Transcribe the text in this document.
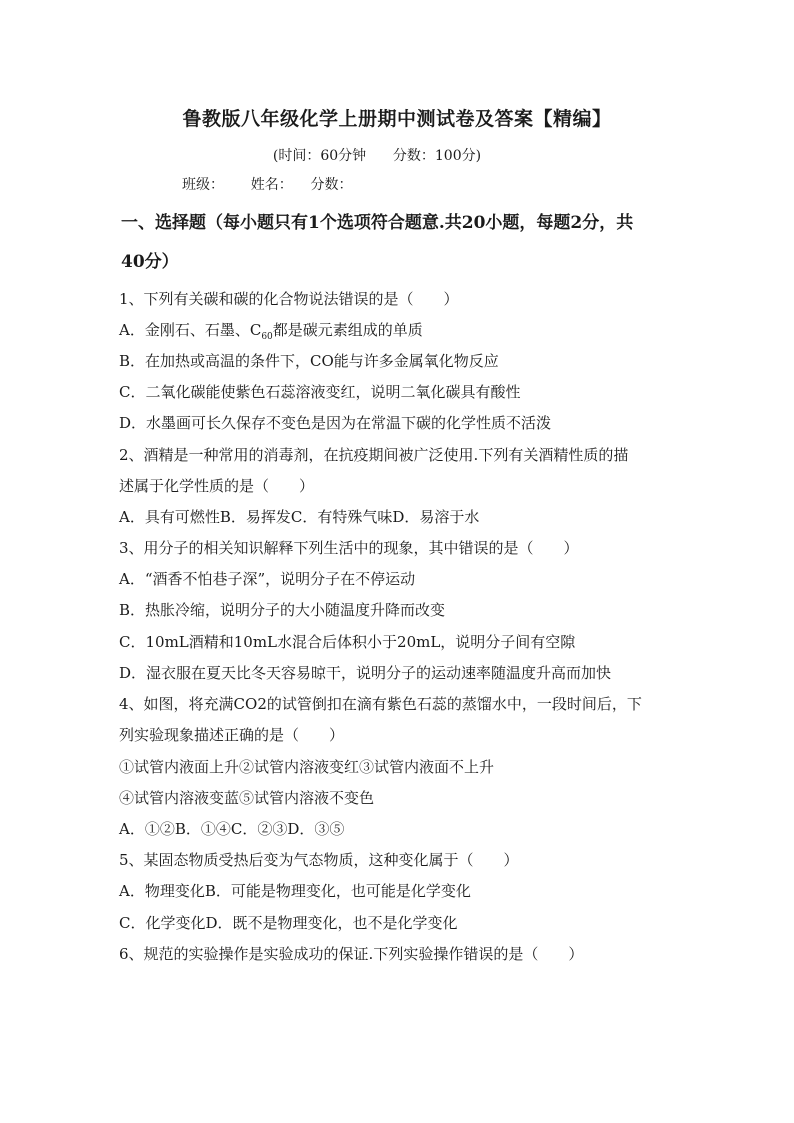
鲁教版八年级化学上册期中测试卷及答案【精编】
(时间：60分钟      分数：100分)
班级：      姓名：    分数：
一、选择题（每小题只有1个选项符合题意.共20小题，每题2分，共
40分）
1、下列有关碳和碳的化合物说法错误的是（　　）
A．金刚石、石墨、$C_{60}$都是碳元素组成的单质
B．在加热或高温的条件下，CO能与许多金属氧化物反应
C．二氧化碳能使紫色石蕊溶液变红，说明二氧化碳具有酸性
D．水墨画可长久保存不变色是因为在常温下碳的化学性质不活泼
2、酒精是一种常用的消毒剂，在抗疫期间被广泛使用.下列有关酒精性质的描
述属于化学性质的是（　　）
A．具有可燃性B．易挥发C．有特殊气味D．易溶于水
3、用分子的相关知识解释下列生活中的现象，其中错误的是（　　）
A．“酒香不怕巷子深”，说明分子在不停运动
B．热胀冷缩，说明分子的大小随温度升降而改变
C．10mL酒精和10mL水混合后体积小于20mL，说明分子间有空隙
D．湿衣服在夏天比冬天容易晾干，说明分子的运动速率随温度升高而加快
4、如图，将充满CO2的试管倒扣在滴有紫色石蕊的蒸馏水中，一段时间后，下
列实验现象描述正确的是（　　）
①试管内液面上升②试管内溶液变红③试管内液面不上升
④试管内溶液变蓝⑤试管内溶液不变色
A．①②B．①④C．②③D．③⑤
5、某固态物质受热后变为气态物质，这种变化属于（　　）
A．物理变化B．可能是物理变化，也可能是化学变化
C．化学变化D．既不是物理变化，也不是化学变化
6、规范的实验操作是实验成功的保证.下列实验操作错误的是（　　）
